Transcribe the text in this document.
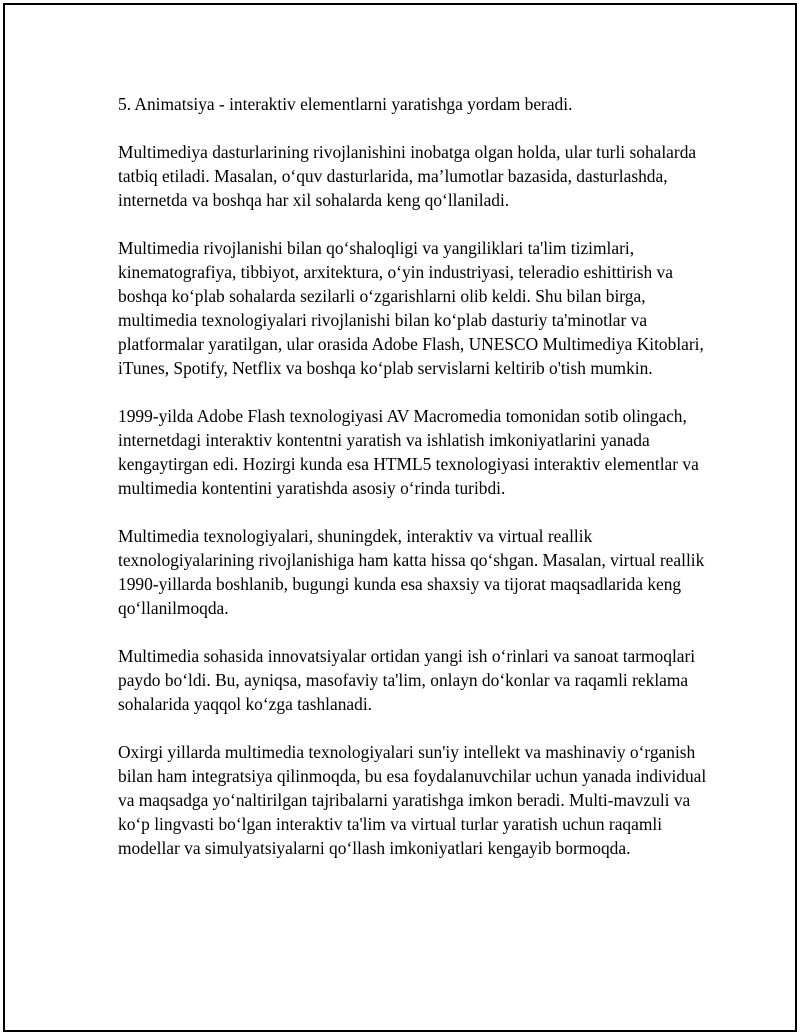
5. Animatsiya - interaktiv elementlarni yaratishga yordam beradi.

Multimediya dasturlarining rivojlanishini inobatga olgan holda, ular turli sohalarda tatbiq etiladi. Masalan, o‘quv dasturlarida, ma’lumotlar bazasida, dasturlashda, internetda va boshqa har xil sohalarda keng qo‘llaniladi.

Multimedia rivojlanishi bilan qo‘shaloqligi va yangiliklari ta'lim tizimlari, kinematografiya, tibbiyot, arxitektura, o‘yin industriyasi, teleradio eshittirish va boshqa ko‘plab sohalarda sezilarli o‘zgarishlarni olib keldi. Shu bilan birga, multimedia texnologiyalari rivojlanishi bilan ko‘plab dasturiy ta'minotlar va platformalar yaratilgan, ular orasida Adobe Flash, UNESCO Multimediya Kitoblari, iTunes, Spotify, Netflix va boshqa ko‘plab servislarni keltirib o'tish mumkin.

1999-yilda Adobe Flash texnologiyasi AV Macromedia tomonidan sotib olingach, internetdagi interaktiv kontentni yaratish va ishlatish imkoniyatlarini yanada kengaytirgan edi. Hozirgi kunda esa HTML5 texnologiyasi interaktiv elementlar va multimedia kontentini yaratishda asosiy o‘rinda turibdi.

Multimedia texnologiyalari, shuningdek, interaktiv va virtual reallik texnologiyalarining rivojlanishiga ham katta hissa qo‘shgan. Masalan, virtual reallik 1990-yillarda boshlanib, bugungi kunda esa shaxsiy va tijorat maqsadlarida keng qo‘llanilmoqda.

Multimedia sohasida innovatsiyalar ortidan yangi ish o‘rinlari va sanoat tarmoqlari paydo bo‘ldi. Bu, ayniqsa, masofaviy ta'lim, onlayn do‘konlar va raqamli reklama sohalarida yaqqol ko‘zga tashlanadi.

Oxirgi yillarda multimedia texnologiyalari sun'iy intellekt va mashinaviy o‘rganish bilan ham integratsiya qilinmoqda, bu esa foydalanuvchilar uchun yanada individual va maqsadga yo‘naltirilgan tajribalarni yaratishga imkon beradi. Multi-mavzuli va ko‘p lingvasti bo‘lgan interaktiv ta'lim va virtual turlar yaratish uchun raqamli modellar va simulyatsiyalarni qo‘llash imkoniyatlari kengayib bormoqda.
